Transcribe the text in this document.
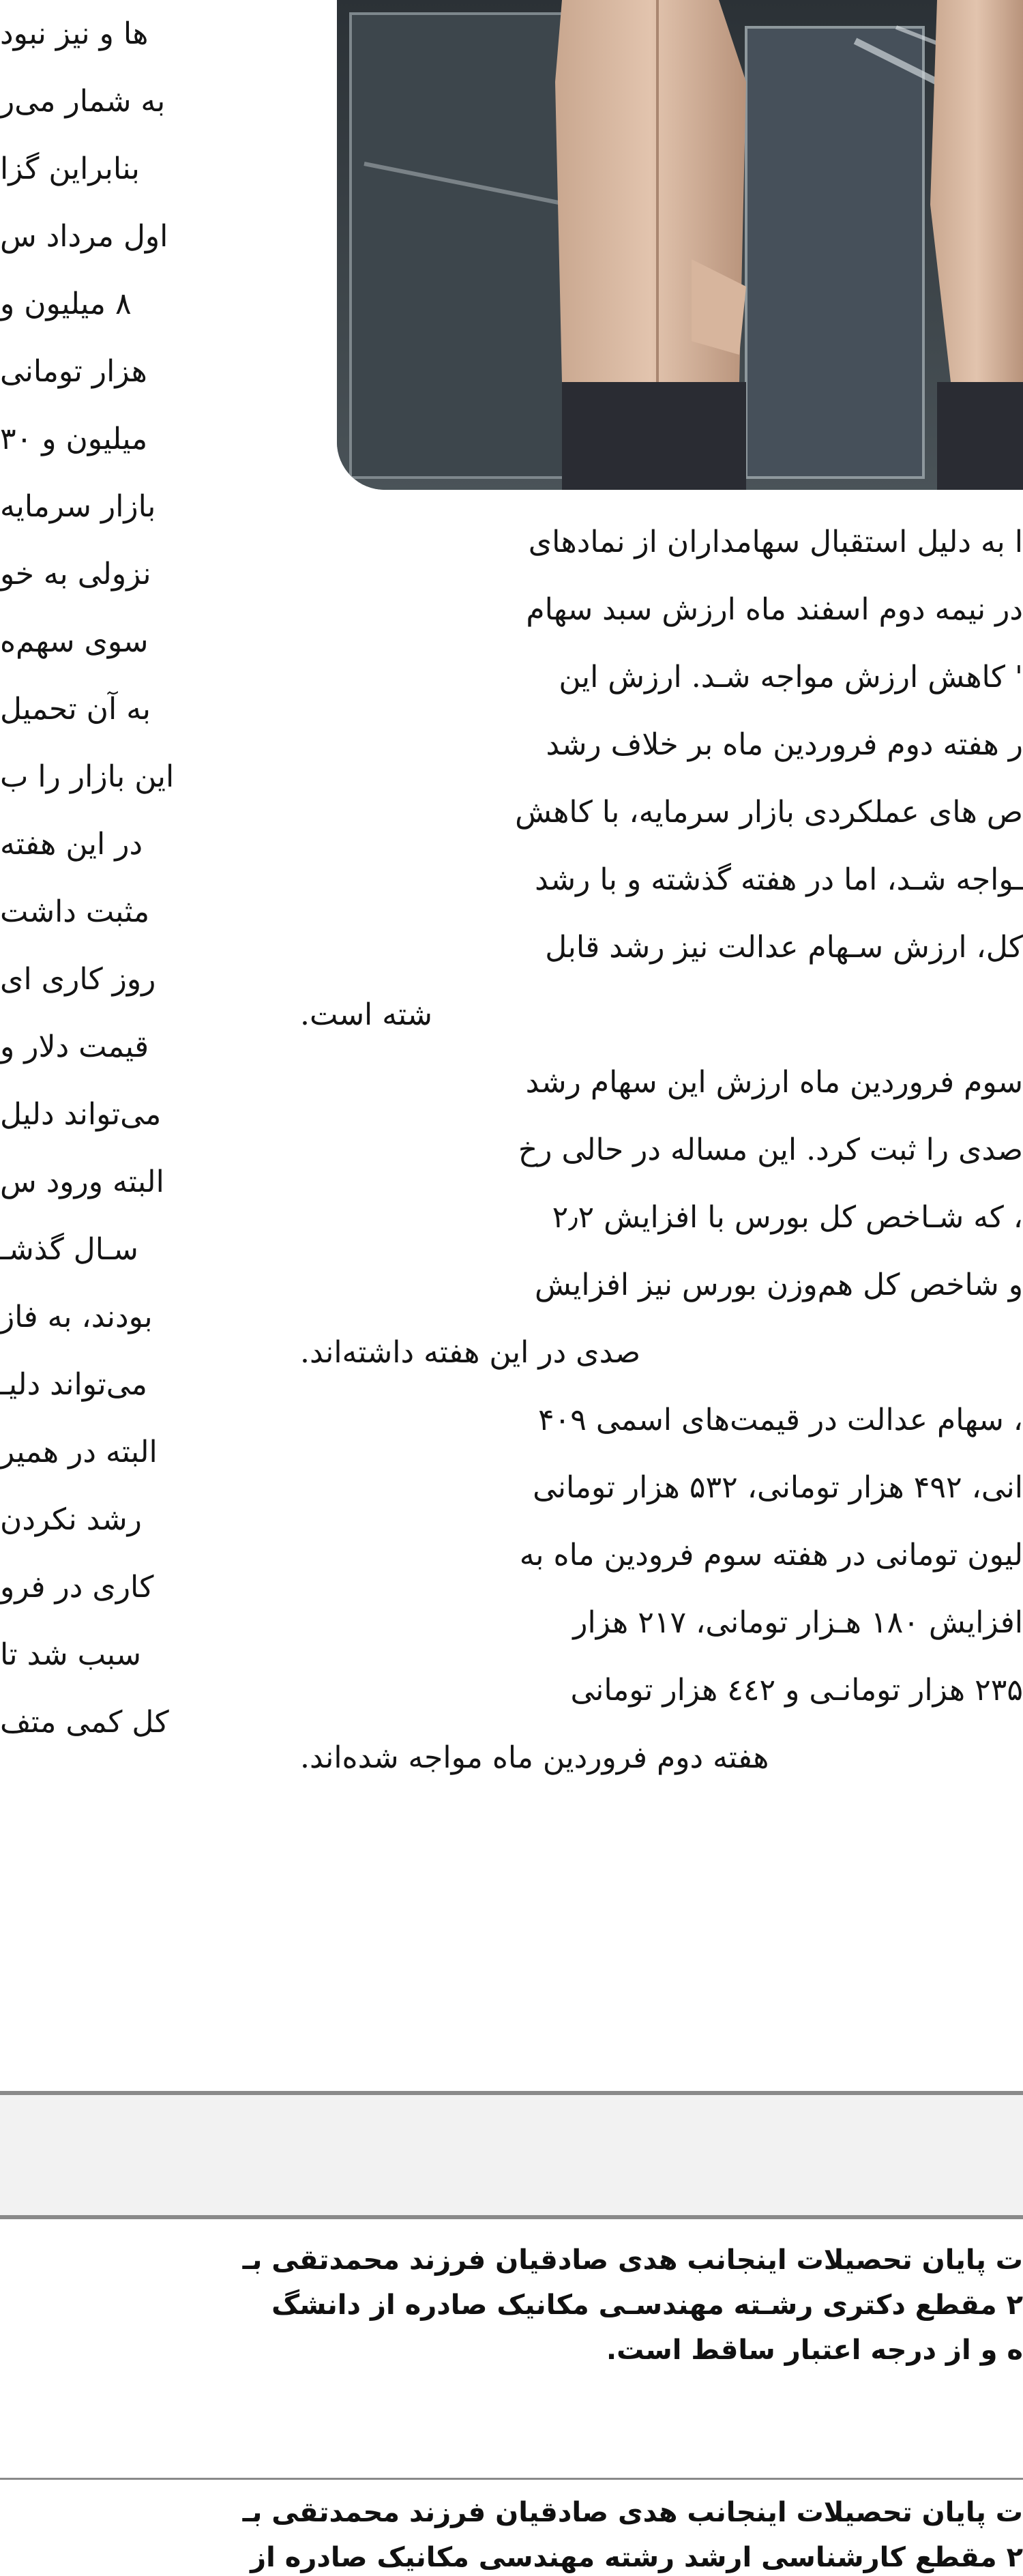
ها و نیز نبود
به شمار می‌ر
بنابراین گزا
اول مرداد س
۸ میلیون و
هزار تومانی
میلیون و ۳۰
بازار سرمایه
نزولی به خو
سوی سهم‌ه
به آن تحمیل
این بازار را ب
در این هفته
مثبت داشت
روز کاری ای
قیمت دلار و
می‌تواند دلیل
البته ورود س
سـال گذشـ
بودند، به فاز
می‌تواند دلیـ
البته در همیر
رشد نکردن
کاری در فرو
سبب شد تا
کل کمی متف
ا به دلیل استقبال سهامداران از نمادهای
در نیمه دوم اسفند ماه ارزش سبد سهام
' کاهش ارزش مواجه شـد. ارزش این
ر هفته دوم فروردین ماه بر خلاف رشد
ص های عملکردی بازار سرمایه، با کاهش
ـواجه شـد، اما در هفته گذشته و با رشد
کل، ارزش سـهام عدالت نیز رشد قابل
شته است.
سوم فروردین ماه ارزش این سهام رشد
صدی را ثبت کرد. این مساله در حالی رخ
، که شـاخص کل بورس با افزایش ۲٫۲
و شاخص کل هم‌وزن بورس نیز افزایش
صدی در این هفته داشته‌اند.
، سهام عدالت در قیمت‌های اسمی ۴۰۹
انی، ۴۹۲ هزار تومانی، ۵۳۲ هزار تومانی
لیون تومانی در هفته سوم فرودین ماه به
افزایش ۱۸۰ هـزار تومانی، ۲۱۷ هزار
۲۳۵ هزار تومانـی و ٤٤۲ هزار تومانی
هفته دوم فروردین ماه مواجه شده‌اند.
ت پایان تحصیلات اینجانب هدی صادقیان فرزند محمدتقی بـ
۲ مقطع دکتری رشـته مهندسـی مکانیک صادره از دانشگ
ه و از درجه اعتبار ساقط است.
ت پایان تحصیلات اینجانب هدی صادقیان فرزند محمدتقی بـ
۲ مقطع کارشناسی ارشد رشته مهندسی مکانیک صادره از
